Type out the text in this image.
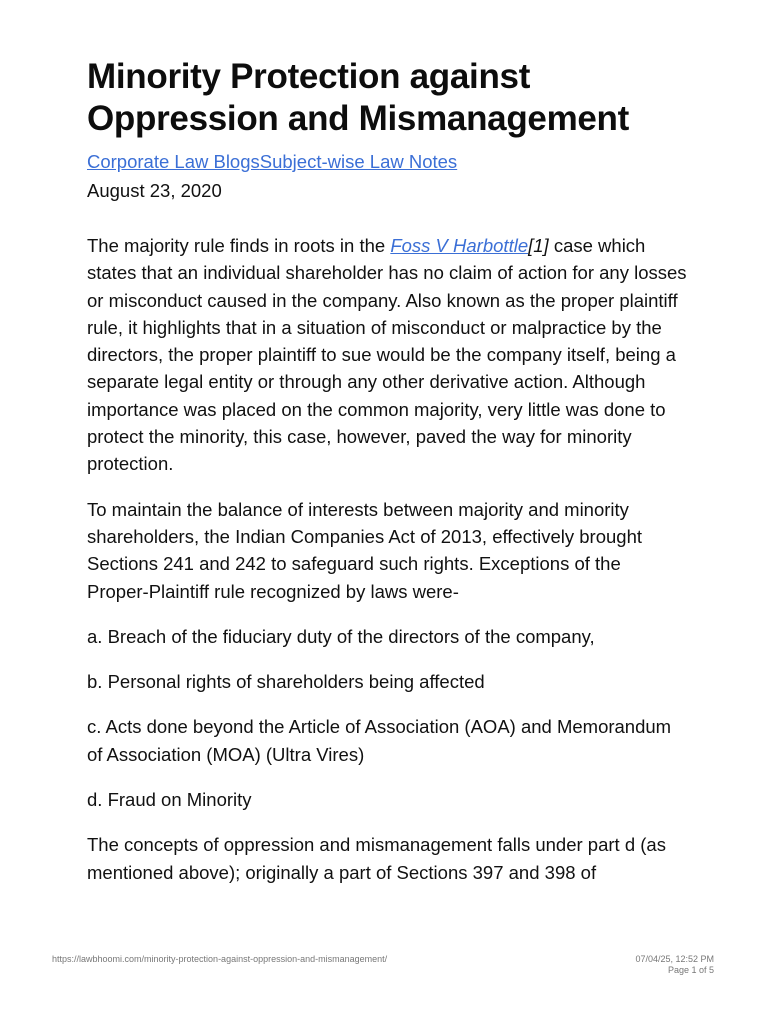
Minority Protection against Oppression and Mismanagement
Corporate Law BlogsSubject-wise Law Notes
August 23, 2020

The majority rule finds in roots in the Foss V Harbottle[1] case which states that an individual shareholder has no claim of action for any losses or misconduct caused in the company. Also known as the proper plaintiff rule, it highlights that in a situation of misconduct or malpractice by the directors, the proper plaintiff to sue would be the company itself, being a separate legal entity or through any other derivative action. Although importance was placed on the common majority, very little was done to protect the minority, this case, however, paved the way for minority protection.

To maintain the balance of interests between majority and minority shareholders, the Indian Companies Act of 2013, effectively brought Sections 241 and 242 to safeguard such rights. Exceptions of the Proper-Plaintiff rule recognized by laws were-

a. Breach of the fiduciary duty of the directors of the company,

b. Personal rights of shareholders being affected

c. Acts done beyond the Article of Association (AOA) and Memorandum of Association (MOA) (Ultra Vires)

d. Fraud on Minority

The concepts of oppression and mismanagement falls under part d (as mentioned above); originally a part of Sections 397 and 398 of

https://lawbhoomi.com/minority-protection-against-oppression-and-mismanagement/	07/04/25, 12:52 PM
Page 1 of 5
